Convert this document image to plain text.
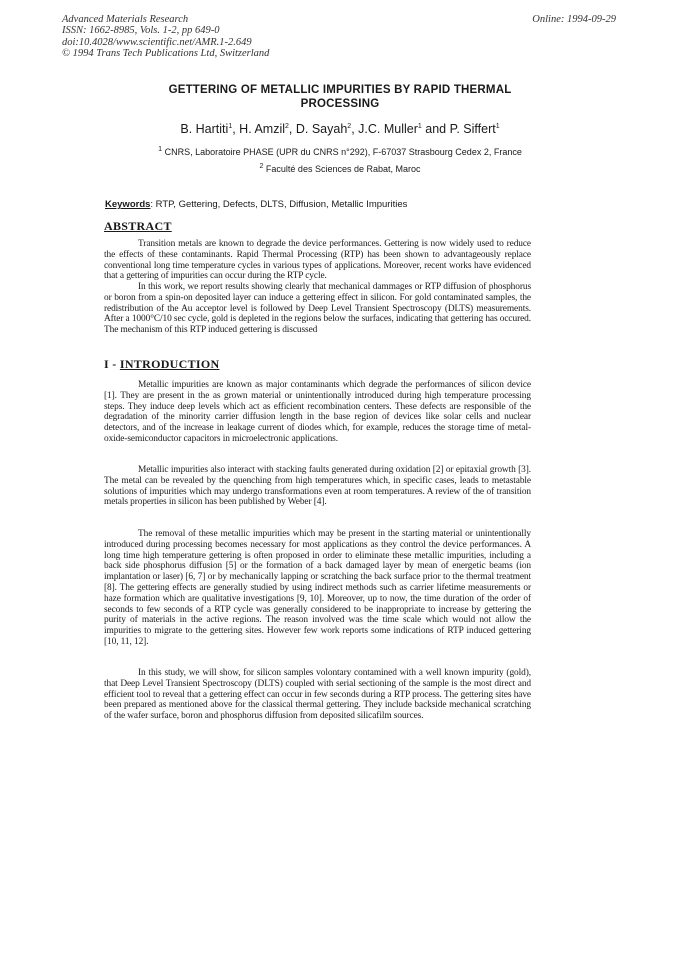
Advanced Materials Research
ISSN: 1662-8985, Vols. 1-2, pp 649-0
doi:10.4028/www.scientific.net/AMR.1-2.649
© 1994 Trans Tech Publications Ltd, Switzerland
Online: 1994-09-29
GETTERING OF METALLIC IMPURITIES BY RAPID THERMAL
PROCESSING
B. Hartiti$^1$, H. Amzil$^2$, D. Sayah$^2$, J.C. Muller$^1$ and P. Siffert$^1$
$^1$ CNRS, Laboratoire PHASE (UPR du CNRS n°292), F-67037 Strasbourg Cedex 2, France
$^2$ Faculté des Sciences de Rabat, Maroc
Keywords: RTP, Gettering, Defects, DLTS, Diffusion, Metallic Impurities
ABSTRACT
Transition metals are known to degrade the device performances. Gettering is now widely used to reduce the effects of these contaminants. Rapid Thermal Processing (RTP) has been shown to advantageously replace conventional long time temperature cycles in various types of applications. Moreover, recent works have evidenced that a gettering of impurities can occur during the RTP cycle.
In this work, we report results showing clearly that mechanical dammages or RTP diffusion of phosphorus or boron from a spin-on deposited layer can induce a gettering effect in silicon. For gold contaminated samples, the redistribution of the Au acceptor level is followed by Deep Level Transient Spectroscopy (DLTS) measurements. After a 1000°C/10 sec cycle, gold is depleted in the regions below the surfaces, indicating that gettering has occured. The mechanism of this RTP induced gettering is discussed
I - INTRODUCTION
Metallic impurities are known as major contaminants which degrade the performances of silicon device [1]. They are present in the as grown material or unintentionally introduced during high temperature processing steps. They induce deep levels which act as efficient recombination centers. These defects are responsible of the degradation of the minority carrier diffusion length in the base region of devices like solar cells and nuclear detectors, and of the increase in leakage current of diodes which, for example, reduces the storage time of metal-oxide-semiconductor capacitors in microelectronic applications.
Metallic impurities also interact with stacking faults generated during oxidation [2] or epitaxial growth [3]. The metal can be revealed by the quenching from high temperatures which, in specific cases, leads to metastable solutions of impurities which may undergo transformations even at room temperatures. A review of the of transition metals properties in silicon has been published by Weber [4].
The removal of these metallic impurities which may be present in the starting material or unintentionally introduced during processing becomes necessary for most applications as they control the device performances. A long time high temperature gettering is often proposed in order to eliminate these metallic impurities, including a back side phosphorus diffusion [5] or the formation of a back damaged layer by mean of energetic beams (ion implantation or laser) [6, 7] or by mechanically lapping or scratching the back surface prior to the thermal treatment [8]. The gettering effects are generally studied by using indirect methods such as carrier lifetime measurements or haze formation which are qualitative investigations [9, 10]. Moreover, up to now, the time duration of the order of seconds to few seconds of a RTP cycle was generally considered to be inappropriate to increase by gettering the purity of materials in the active regions. The reason involved was the time scale which would not allow the impurities to migrate to the gettering sites. However few work reports some indications of RTP induced gettering [10, 11, 12].
In this study, we will show, for silicon samples volontary contamined with a well known impurity (gold), that Deep Level Transient Spectroscopy (DLTS) coupled with serial sectioning of the sample is the most direct and efficient tool to reveal that a gettering effect can occur in few seconds during a RTP process. The gettering sites have been prepared as mentioned above for the classical thermal gettering. They include backside mechanical scratching of the wafer surface, boron and phosphorus diffusion from deposited silicafilm sources.
